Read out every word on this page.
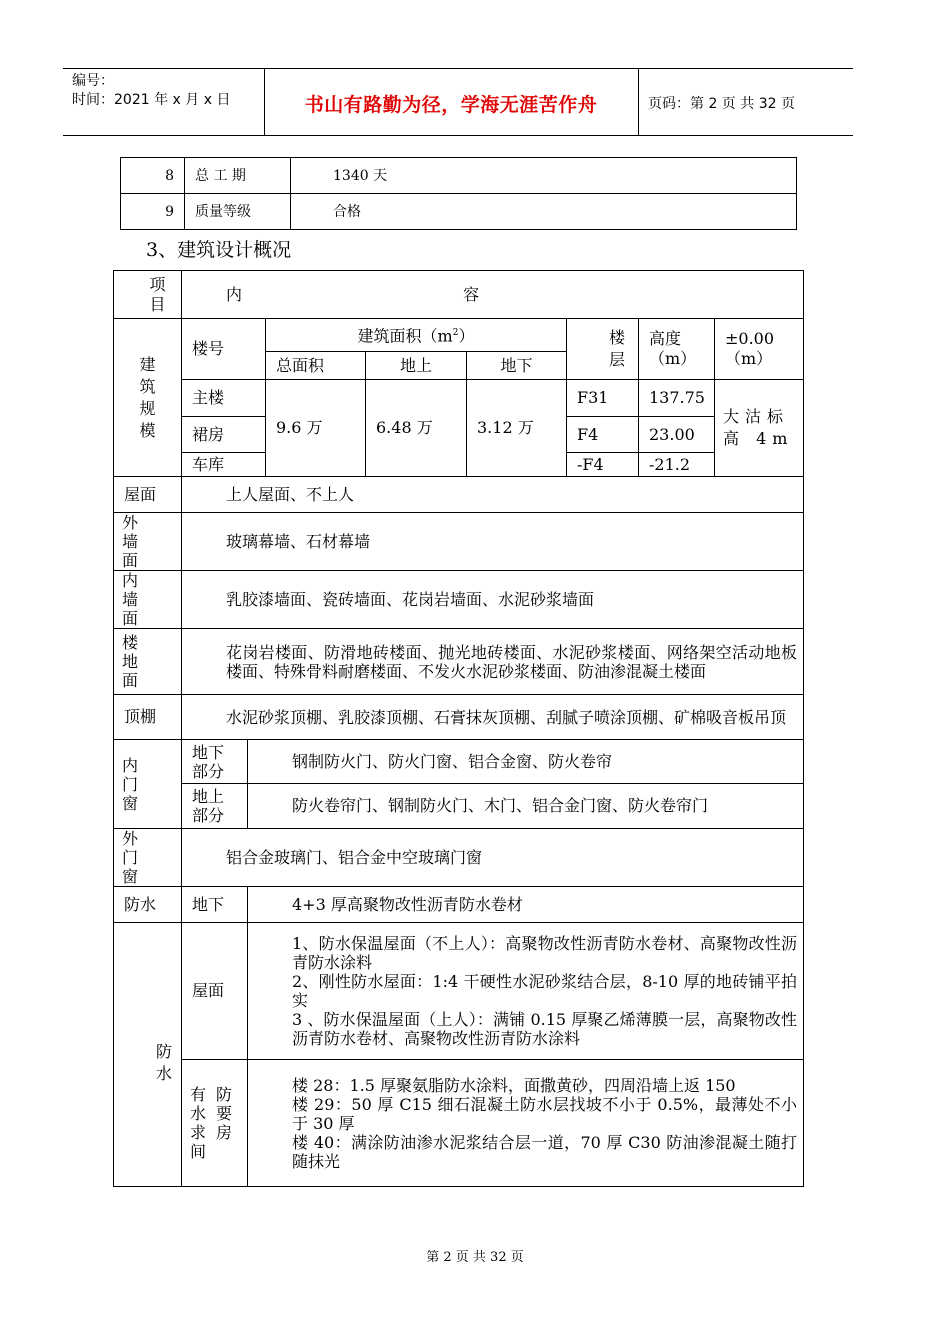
编号：
时间：2021 年 x 月 x 日	书山有路勤为径，学海无涯苦作舟	页码：第 2 页 共 32 页
8	总 工 期	1340 天
9	质量等级	合格
3、建筑设计概况
项
目	内 容							

建筑规模	楼号		建筑面积$(m^2)$			楼层	高度（m）	±0.00（m）
			总面积	地上	地下			
	主楼		9.6 万	6.48 万	3.12 万	F31	137.75	大沽标高 4m

	裙房					F4	23.00	
	车库					-F4	-21.2	
屋面	上人屋面、不上人							

外墙面	玻璃幕墙、石材幕墙							

内墙面	乳胶漆墙面、瓷砖墙面、花岗岩墙面、水泥砂浆墙面							

楼地面	花岗岩楼面、防滑地砖楼面、抛光地砖楼面、水泥砂浆楼面、网络架空活动地板楼面、特殊骨料耐磨楼面、不发火水泥砂浆楼面、防油渗混凝土楼面							
顶棚	水泥砂浆顶棚、乳胶漆顶棚、石膏抹灰顶棚、刮腻子喷涂顶棚、矿棉吸音板吊顶							

内门窗	地下部分	钢制防火门、防火门窗、铝合金窗、防火卷帘						

	地上部分	防火卷帘门、钢制防火门、木门、铝合金门窗、防火卷帘门						

外门窗	铝合金玻璃门、铝合金中空玻璃门窗							
防水	地下	4+3 厚高聚物改性沥青防水卷材						

防水	屋面	1、防水保温屋面（不上人）：高聚物改性沥青防水卷材、高聚物改性沥青防水涂料
2、刚性防水屋面：1:4 干硬性水泥砂浆结合层，8-10 厚的地砖铺平拍实
3 、防水保温屋面（上人）：满铺 0.15 厚聚乙烯薄膜一层，高聚物改性沥青防水卷材、高聚物改性沥青防水涂料						

	有防水要求房间	楼 28：1.5 厚聚氨脂防水涂料，面撒黄砂，四周沿墙上返 150
楼 29：50 厚 C15 细石混凝土防水层找坡不小于 0.5%，最薄处不小于 30 厚
楼 40：满涂防油渗水泥浆结合层一道，70 厚 C30 防油渗混凝土随打随抹光						
第 2 页 共 32 页
